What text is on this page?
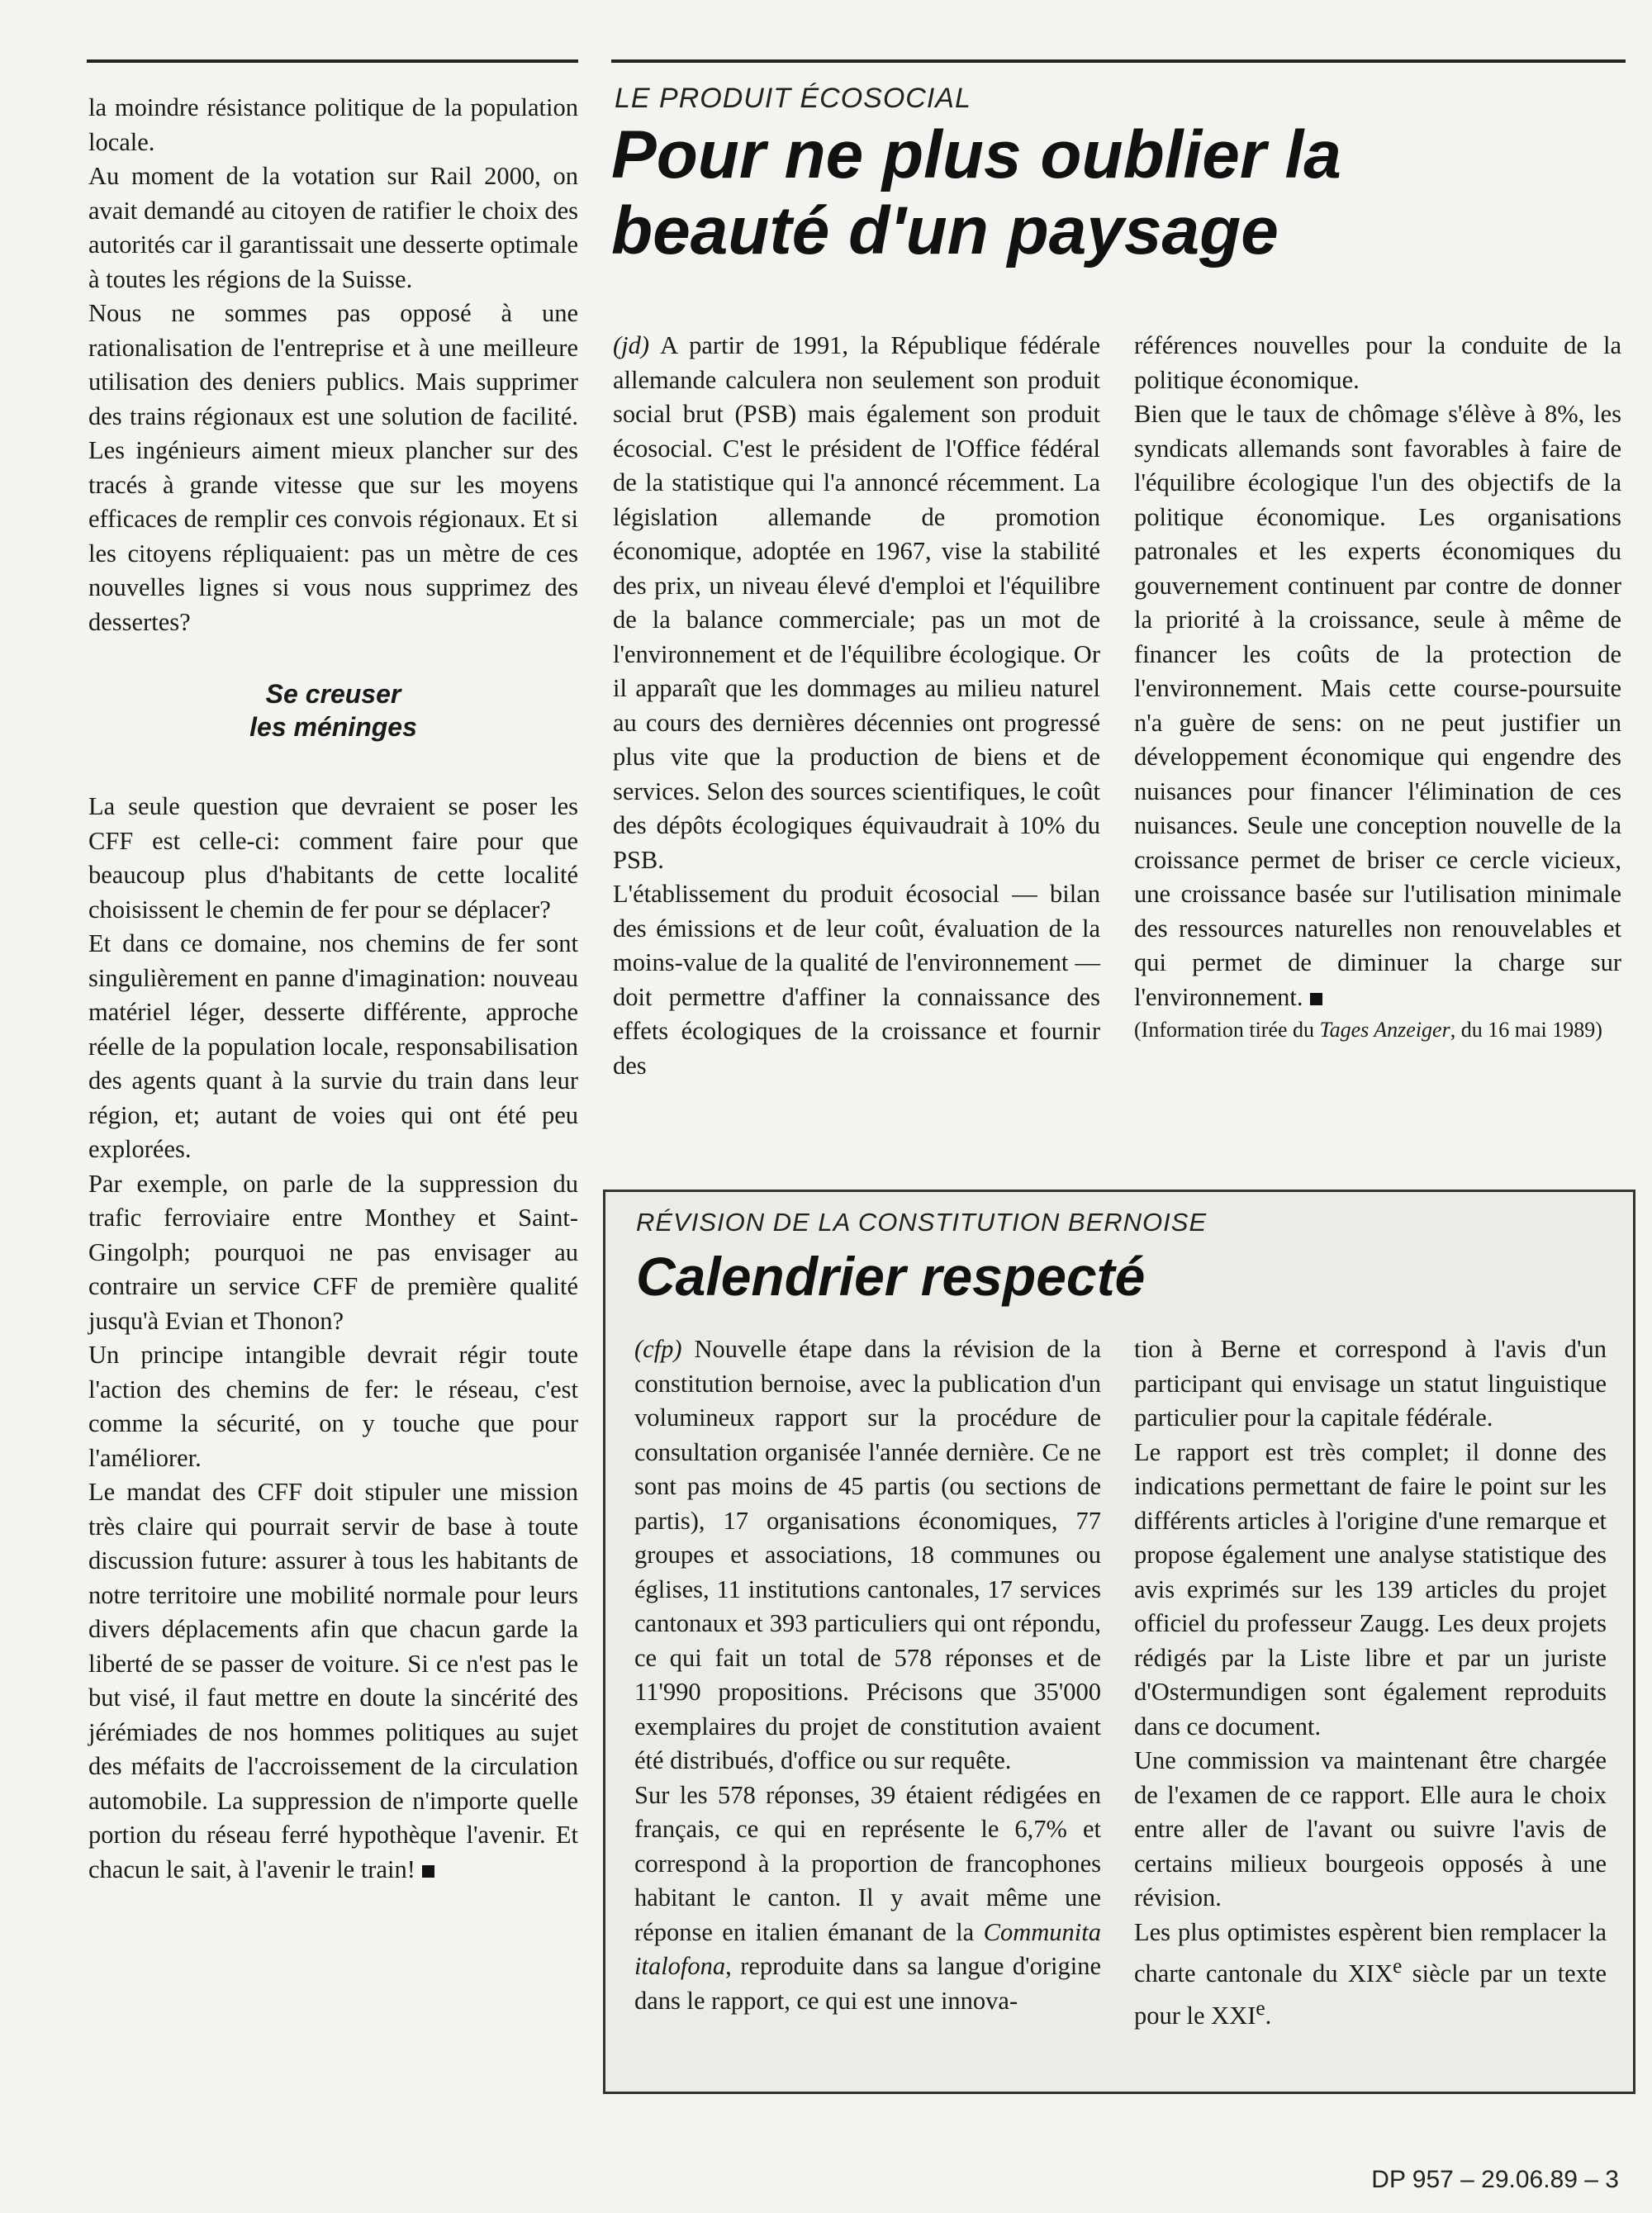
la moindre résistance politique de la population locale.

Au moment de la votation sur Rail 2000, on avait demandé au citoyen de ratifier le choix des autorités car il garantissait une desserte optimale à toutes les régions de la Suisse.

Nous ne sommes pas opposé à une rationalisation de l'entreprise et à une meilleure utilisation des deniers publics. Mais supprimer des trains régionaux est une solution de facilité. Les ingénieurs aiment mieux plancher sur des tracés à grande vitesse que sur les moyens efficaces de remplir ces convois régionaux. Et si les citoyens répliquaient: pas un mètre de ces nouvelles lignes si vous nous supprimez des dessertes?

Se creuser
les méninges

La seule question que devraient se poser les CFF est celle-ci: comment faire pour que beaucoup plus d'habitants de cette localité choisissent le chemin de fer pour se déplacer?

Et dans ce domaine, nos chemins de fer sont singulièrement en panne d'imagination: nouveau matériel léger, desserte différente, approche réelle de la population locale, responsabilisation des agents quant à la survie du train dans leur région, et; autant de voies qui ont été peu explorées.

Par exemple, on parle de la suppression du trafic ferroviaire entre Monthey et Saint-Gingolph; pourquoi ne pas envisager au contraire un service CFF de première qualité jusqu'à Evian et Thonon?

Un principe intangible devrait régir toute l'action des chemins de fer: le réseau, c'est comme la sécurité, on y touche que pour l'améliorer.

Le mandat des CFF doit stipuler une mission très claire qui pourrait servir de base à toute discussion future: assurer à tous les habitants de notre territoire une mobilité normale pour leurs divers déplacements afin que chacun garde la liberté de se passer de voiture. Si ce n'est pas le but visé, il faut mettre en doute la sincérité des jérémiades de nos hommes politiques au sujet des méfaits de l'accroissement de la circulation automobile. La suppression de n'importe quelle portion du réseau ferré hypothèque l'avenir. Et chacun le sait, à l'avenir le train!

LE PRODUIT ÉCOSOCIAL
Pour ne plus oublier la
beauté d'un paysage

(jd) A partir de 1991, la République fédérale allemande calculera non seulement son produit social brut (PSB) mais également son produit écosocial. C'est le président de l'Office fédéral de la statistique qui l'a annoncé récemment. La législation allemande de promotion économique, adoptée en 1967, vise la stabilité des prix, un niveau élevé d'emploi et l'équilibre de la balance commerciale; pas un mot de l'environnement et de l'équilibre écologique. Or il apparaît que les dommages au milieu naturel au cours des dernières décennies ont progressé plus vite que la production de biens et de services. Selon des sources scientifiques, le coût des dépôts écologiques équivaudrait à 10% du PSB.

L'établissement du produit écosocial — bilan des émissions et de leur coût, évaluation de la moins-value de la qualité de l'environnement — doit permettre d'affiner la connaissance des effets écologiques de la croissance et fournir des

références nouvelles pour la conduite de la politique économique.

Bien que le taux de chômage s'élève à 8%, les syndicats allemands sont favorables à faire de l'équilibre écologique l'un des objectifs de la politique économique. Les organisations patronales et les experts économiques du gouvernement continuent par contre de donner la priorité à la croissance, seule à même de financer les coûts de la protection de l'environnement. Mais cette course-poursuite n'a guère de sens: on ne peut justifier un développement économique qui engendre des nuisances pour financer l'élimination de ces nuisances. Seule une conception nouvelle de la croissance permet de briser ce cercle vicieux, une croissance basée sur l'utilisation minimale des ressources naturelles non renouvelables et qui permet de diminuer la charge sur l'environnement.

(Information tirée du Tages Anzeiger, du 16 mai 1989)

RÉVISION DE LA CONSTITUTION BERNOISE
Calendrier respecté

(cfp) Nouvelle étape dans la révision de la constitution bernoise, avec la publication d'un volumineux rapport sur la procédure de consultation organisée l'année dernière. Ce ne sont pas moins de 45 partis (ou sections de partis), 17 organisations économiques, 77 groupes et associations, 18 communes ou églises, 11 institutions cantonales, 17 services cantonaux et 393 particuliers qui ont répondu, ce qui fait un total de 578 réponses et de 11'990 propositions. Précisons que 35'000 exemplaires du projet de constitution avaient été distribués, d'office ou sur requête.

Sur les 578 réponses, 39 étaient rédigées en français, ce qui en représente le 6,7% et correspond à la proportion de francophones habitant le canton. Il y avait même une réponse en italien émanant de la Communita italofona, reproduite dans sa langue d'origine dans le rapport, ce qui est une innova-

tion à Berne et correspond à l'avis d'un participant qui envisage un statut linguistique particulier pour la capitale fédérale.

Le rapport est très complet; il donne des indications permettant de faire le point sur les différents articles à l'origine d'une remarque et propose également une analyse statistique des avis exprimés sur les 139 articles du projet officiel du professeur Zaugg. Les deux projets rédigés par la Liste libre et par un juriste d'Ostermundigen sont également reproduits dans ce document.

Une commission va maintenant être chargée de l'examen de ce rapport. Elle aura le choix entre aller de l'avant ou suivre l'avis de certains milieux bourgeois opposés à une révision.

Les plus optimistes espèrent bien remplacer la charte cantonale du XIXe siècle par un texte pour le XXIe.

DP 957 – 29.06.89 – 3
